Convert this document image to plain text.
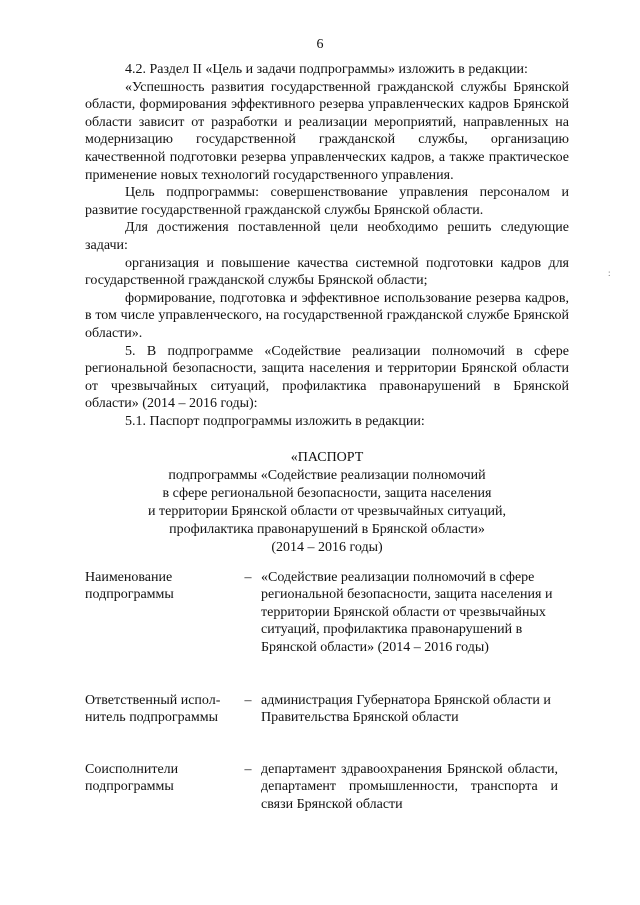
6

4.2. Раздел II «Цель и задачи подпрограммы» изложить в редакции:

«Успешность развития государственной гражданской службы Брянской области, формирования эффективного резерва управленческих кадров Брянской области зависит от разработки и реализации мероприятий, направленных на модернизацию государственной гражданской службы, организацию качественной подготовки резерва управленческих кадров, а также практическое применение новых технологий государственного управления.

Цель подпрограммы: совершенствование управления персоналом и развитие государственной гражданской службы Брянской области.

Для достижения поставленной цели необходимо решить следующие задачи:

организация и повышение качества системной подготовки кадров для государственной гражданской службы Брянской области;

формирование, подготовка и эффективное использование резерва кадров, в том числе управленческого, на государственной гражданской службе Брянской области».

5. В подпрограмме «Содействие реализации полномочий в сфере региональной безопасности, защита населения и территории Брянской области от чрезвычайных ситуаций, профилактика правонарушений в Брянской области» (2014 – 2016 годы):

5.1. Паспорт подпрограммы изложить в редакции:

«ПАСПОРТ
подпрограммы «Содействие реализации полномочий
в сфере региональной безопасности, защита населения
и территории Брянской области от чрезвычайных ситуаций,
профилактика правонарушений в Брянской области»
(2014 – 2016 годы)
Наименование подпрограммы
– «Содействие реализации полномочий в сфере региональной безопасности, защита населения и территории Брянской области от чрезвычайных ситуаций, профилактика правонарушений в Брянской области» (2014 – 2016 годы)
Ответственный испол-нитель подпрограммы
– администрация Губернатора Брянской области и Правительства Брянской области
Соисполнители подпрограммы
– департамент здравоохранения Брянской области, департамент промышленности, транспорта и связи Брянской области
:
